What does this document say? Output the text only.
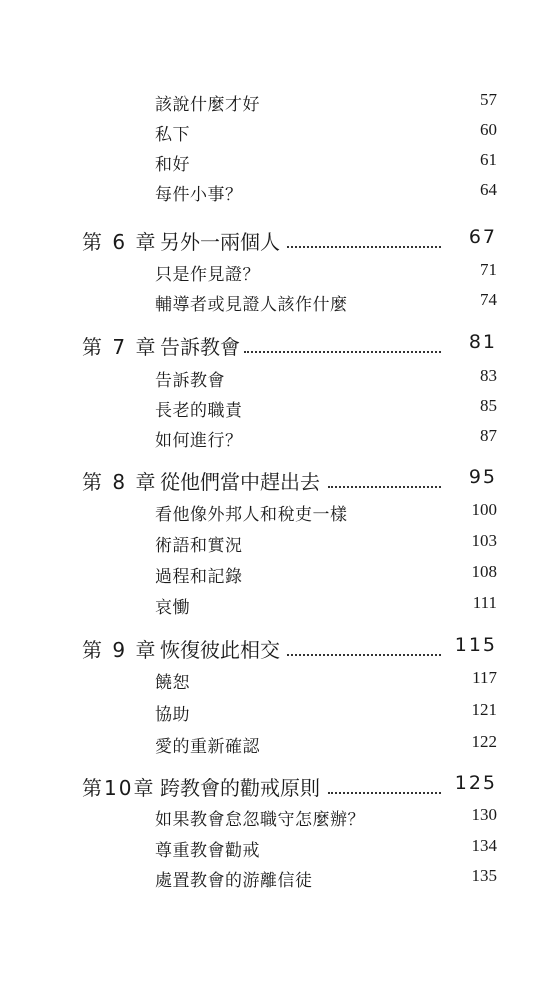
該說什麼才好	57
私下	60
和好	61
每件小事？	64
第 6 章 另外一兩個人	67
只是作見證？	71
輔導者或見證人該作什麼	74
第 7 章 告訴教會	81
告訴教會	83
長老的職責	85
如何進行？	87
第 8 章 從他們當中趕出去	95
看他像外邦人和稅吏一樣	100
術語和實況	103
過程和記錄	108
哀慟	111
第 9 章 恢復彼此相交	115
饒恕	117
協助	121
愛的重新確認	122
第10章 跨教會的勸戒原則	125
如果教會怠忽職守怎麼辦？	130
尊重教會勸戒	134
處置教會的游離信徒	135
